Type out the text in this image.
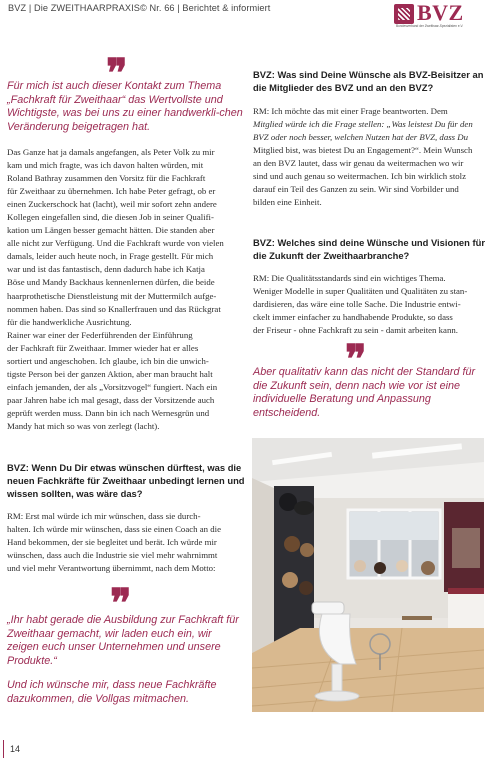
BVZ | Die ZWEITHAARPRAXIS© Nr. 66 | Berichtet & informiert	BVZ
Bundesverband der Zweithaar-Spezialisten e.V.
❞
Für mich ist auch dieser Kontakt zum Thema „Fachkraft für Zweithaar“ das Wertvollste und Wichtigste, was bei uns zu einer handwerkli-chen Veränderung beigetragen hat.
Das Ganze hat ja damals angefangen, als Peter Volk zu mir
kam und mich fragte, was ich davon halten würden, mit
Roland Bathray zusammen den Vorsitz für die Fachkraft
für Zweithaar zu übernehmen. Ich habe Peter gefragt, ob er
einen Zuckerschock hat (lacht), weil mir sofort zehn andere
Kollegen eingefallen sind, die diesen Job in seiner Qualifi-
kation um Längen besser gemacht hätten. Die standen aber
alle nicht zur Verfügung. Und die Fachkraft wurde von vielen
damals, leider auch heute noch, in Frage gestellt. Für mich
war und ist das fantastisch, denn dadurch habe ich Katja
Böse und Mandy Backhaus kennenlernen dürfen, die beide
haarprothetische Dienstleistung mit der Muttermilch aufge-
nommen haben. Das sind so Knallerfrauen und das Rückgrat
für die handwerkliche Ausrichtung.
Rainer war einer der Federführenden der Einführung
der Fachkraft für Zweithaar. Immer wieder hat er alles
sortiert und angeschoben. Ich glaube, ich bin die unwich-
tigste Person bei der ganzen Aktion, aber man braucht halt
einfach jemanden, der als „Vorsitzvogel“ fungiert. Nach ein
paar Jahren habe ich mal gesagt, dass der Vorsitzende auch
geprüft werden muss. Dann bin ich nach Wernesgrün und
Mandy hat mich so was von zerlegt (lacht).
BVZ: Was sind Deine Wünsche als BVZ-Beisitzer an die Mitglieder des BVZ und an den BVZ?
RM: Ich möchte das mit einer Frage beantworten. Dem
Mitglied würde ich die Frage stellen: „Was leistest Du für den
BVZ oder noch besser, welchen Nutzen hat der BVZ, dass Du
Mitglied bist, was bietest Du an Engagement?“. Mein Wunsch
an den BVZ lautet, dass wir genau da weitermachen wo wir
sind und auch genau so weitermachen. Ich bin wirklich stolz
darauf ein Teil des Ganzen zu sein. Wir sind Vorbilder und
bilden eine Einheit.
BVZ: Welches sind deine Wünsche und Visionen für die Zukunft der Zweithaarbranche?
RM: Die Qualitätsstandards sind ein wichtiges Thema.
Weniger Modelle in super Qualitäten und Qualitäten zu stan-
dardisieren, das wäre eine tolle Sache. Die Industrie entwi-
ckelt immer einfacher zu handhabende Produkte, so dass
der Friseur - ohne Fachkraft zu sein - damit arbeiten kann.
❞
Aber qualitativ kann das nicht der Standard für die Zukunft sein, denn nach wie vor ist eine individuelle Beratung und Anpassung entscheidend.
BVZ: Wenn Du Dir etwas wünschen dürftest, was die neuen Fachkräfte für Zweithaar unbedingt lernen und wissen sollten, was wäre das?
RM: Erst mal würde ich mir wünschen, dass sie durch-
halten. Ich würde mir wünschen, dass sie einen Coach an die
Hand bekommen, der sie begleitet und berät. Ich würde mir
wünschen, dass auch die Industrie sie viel mehr wahrnimmt
und viel mehr Verantwortung übernimmt, nach dem Motto:
❞
„Ihr habt gerade die Ausbildung zur Fachkraft für Zweithaar gemacht, wir laden euch ein, wir zeigen euch unser Unternehmen und unsere Produkte.“
Und ich wünsche mir, dass neue Fachkräfte dazukommen, die Vollgas mitmachen.
14
